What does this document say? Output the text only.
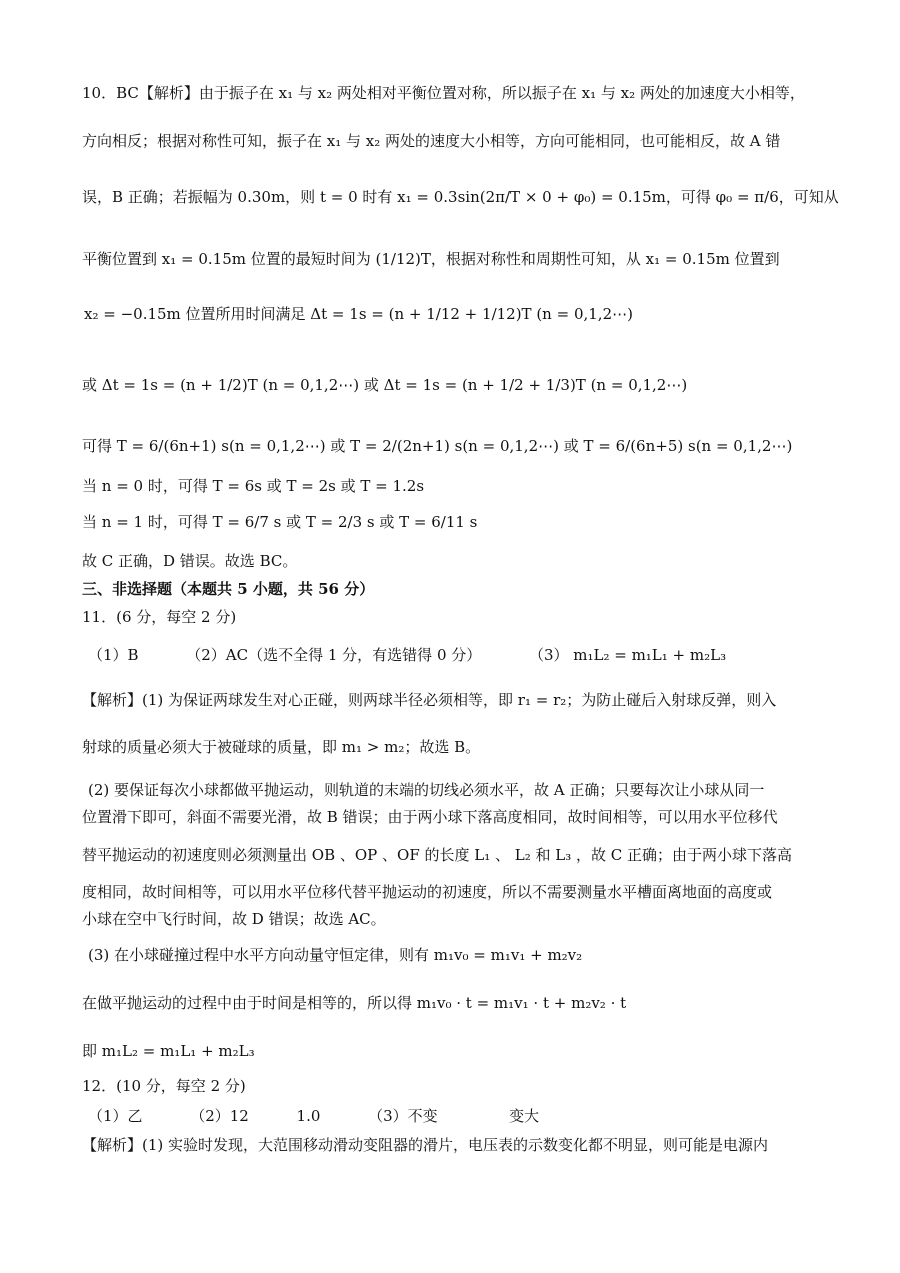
10．BC【解析】由于振子在 x₁ 与 x₂ 两处相对平衡位置对称，所以振子在 x₁ 与 x₂ 两处的加速度大小相等，
方向相反；根据对称性可知，振子在 x₁ 与 x₂ 两处的速度大小相等，方向可能相同，也可能相反，故 A 错
误，B 正确；若振幅为 0.30m，则 t = 0 时有 x₁ = 0.3sin(2π/T × 0 + φ₀) = 0.15m，可得 φ₀ = π/6，可知从
平衡位置到 x₁ = 0.15m 位置的最短时间为 (1/12)T，根据对称性和周期性可知，从 x₁ = 0.15m 位置到
x₂ = −0.15m 位置所用时间满足 Δt = 1s = (n + 1/12 + 1/12)T (n = 0,1,2⋯)
或 Δt = 1s = (n + 1/2)T (n = 0,1,2⋯) 或 Δt = 1s = (n + 1/2 + 1/3)T (n = 0,1,2⋯)
可得 T = 6/(6n+1) s(n = 0,1,2⋯) 或 T = 2/(2n+1) s(n = 0,1,2⋯) 或 T = 6/(6n+5) s(n = 0,1,2⋯)
当 n = 0 时，可得 T = 6s 或 T = 2s 或 T = 1.2s
当 n = 1 时，可得 T = 6/7 s 或 T = 2/3 s 或 T = 6/11 s
故 C 正确，D 错误。故选 BC。
三、非选择题（本题共 5 小题，共 56 分）
11．(6 分，每空 2 分)
（1）B          （2）AC（选不全得 1 分，有选错得 0 分）          （3） m₁L₂ = m₁L₁ + m₂L₃
【解析】(1) 为保证两球发生对心正碰，则两球半径必须相等，即 r₁ = r₂；为防止碰后入射球反弹，则入
射球的质量必须大于被碰球的质量，即 m₁ > m₂；故选 B。
(2) 要保证每次小球都做平抛运动，则轨道的末端的切线必须水平，故 A 正确；只要每次让小球从同一
位置滑下即可，斜面不需要光滑，故 B 错误；由于两小球下落高度相同，故时间相等，可以用水平位移代
替平抛运动的初速度则必须测量出 OB 、OP 、OF 的长度 L₁ 、 L₂ 和 L₃ ，故 C 正确；由于两小球下落高
度相同，故时间相等，可以用水平位移代替平抛运动的初速度，所以不需要测量水平槽面离地面的高度或
小球在空中飞行时间，故 D 错误；故选 AC。
(3) 在小球碰撞过程中水平方向动量守恒定律，则有 m₁v₀ = m₁v₁ + m₂v₂
在做平抛运动的过程中由于时间是相等的，所以得 m₁v₀ · t = m₁v₁ · t + m₂v₂ · t
即 m₁L₂ = m₁L₁ + m₂L₃
12．(10 分，每空 2 分)
（1）乙          （2）12          1.0          （3）不变               变大
【解析】(1) 实验时发现，大范围移动滑动变阻器的滑片，电压表的示数变化都不明显，则可能是电源内
